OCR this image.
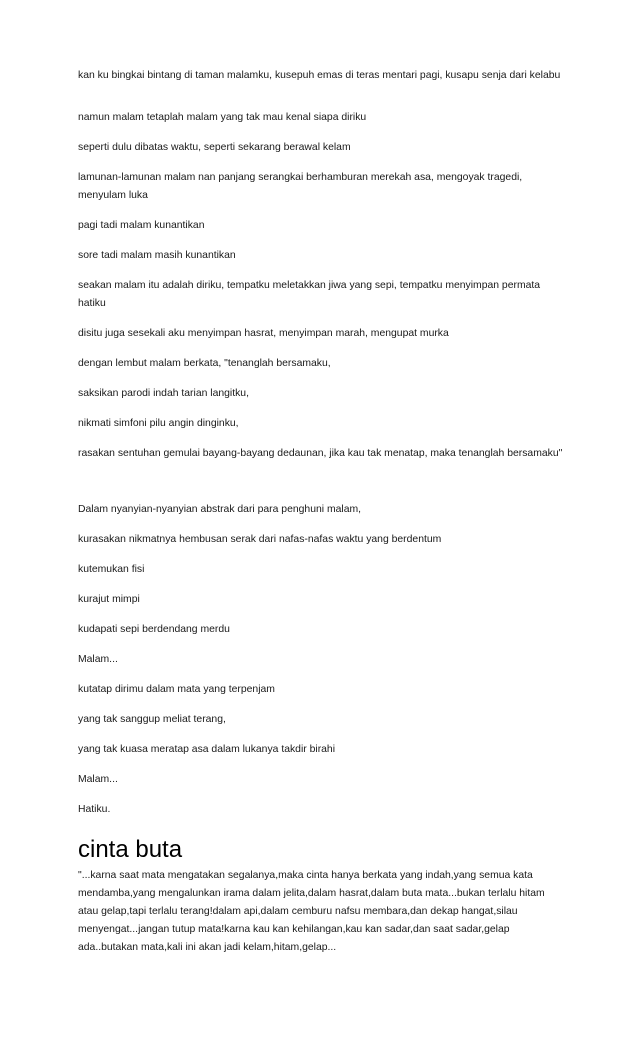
kan ku bingkai bintang di taman malamku, kusepuh emas di teras mentari pagi, kusapu senja dari kelabu
namun malam tetaplah malam yang tak mau kenal siapa diriku
seperti dulu dibatas waktu, seperti sekarang berawal kelam
lamunan-lamunan malam nan panjang serangkai berhamburan merekah asa, mengoyak tragedi,
menyulam luka
pagi tadi malam kunantikan
sore tadi malam masih kunantikan
seakan malam itu adalah diriku, tempatku meletakkan jiwa yang sepi, tempatku menyimpan permata
hatiku
disitu juga sesekali aku menyimpan hasrat, menyimpan marah, mengupat murka
dengan lembut malam berkata, "tenanglah bersamaku,
saksikan parodi indah tarian langitku,
nikmati simfoni pilu angin dinginku,
rasakan sentuhan gemulai bayang-bayang dedaunan, jika kau tak menatap, maka tenanglah bersamaku"
Dalam nyanyian-nyanyian abstrak dari para penghuni malam,
kurasakan nikmatnya hembusan serak dari nafas-nafas waktu yang berdentum
kutemukan fisi
kurajut mimpi
kudapati sepi berdendang merdu
Malam...
kutatap dirimu dalam mata yang terpenjam
yang tak sanggup meliat terang,
yang tak kuasa meratap asa dalam lukanya takdir birahi
Malam...
Hatiku.
cinta buta
"...karna saat mata mengatakan segalanya,maka cinta hanya berkata yang indah,yang semua kata
mendamba,yang mengalunkan irama dalam jelita,dalam hasrat,dalam buta mata...bukan terlalu hitam
atau gelap,tapi terlalu terang!dalam api,dalam cemburu nafsu membara,dan dekap hangat,silau
menyengat...jangan tutup mata!karna kau kan kehilangan,kau kan sadar,dan saat sadar,gelap
ada..butakan mata,kali ini akan jadi kelam,hitam,gelap...
